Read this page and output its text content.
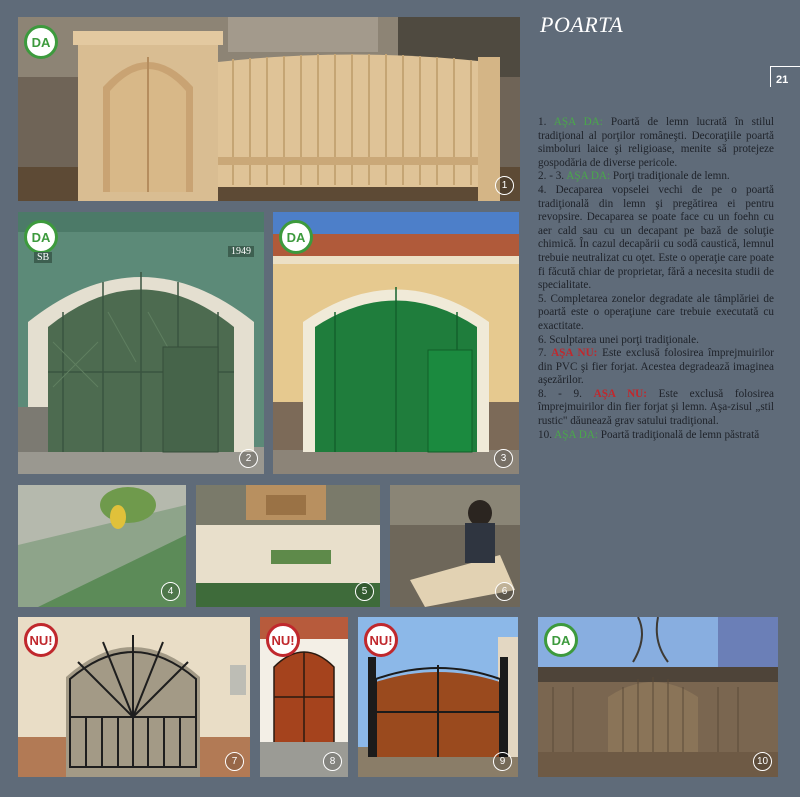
POARTA
21
DA
1
DA
SB
1949
2
DA
3
4	5	6
NU!
7
NU!
8
NU!
9
DA
10

1. AŞA DA: Poartă de lemn lucrată în stilul tradiţional al porţilor româneşti. Decoraţiile poartă simboluri laice şi religioase, menite să protejeze gospodăria de diverse pericole.

2. - 3. AŞA DA: Porţi tradiţionale de lemn.

4. Decaparea vopselei vechi de pe o poartă tradiţională din lemn şi pregătirea ei pentru revopsire. Decaparea se poate face cu un foehn cu aer cald sau cu un decapant pe bază de soluţie chimică. În cazul decapării cu sodă caustică, lemnul trebuie neutralizat cu oţet. Este o operaţie care poate fi făcută chiar de proprietar, fără a necesita studii de specialitate.

5. Completarea zonelor degradate ale tâmplăriei de poartă este o operaţiune care trebuie executată cu exactitate.

6. Sculptarea unei porţi tradiţionale.

7. AŞA NU: Este exclusă folosirea împrejmuirilor din PVC şi fier forjat. Acestea degradează imaginea aşezărilor.

8. - 9. AŞA NU: Este exclusă folosirea împrejmuirilor din fier forjat şi lemn. Aşa-zisul „stil rustic" dăunează grav satului tradiţional.

10. AŞA DA: Poartă tradiţională de lemn păstrată
